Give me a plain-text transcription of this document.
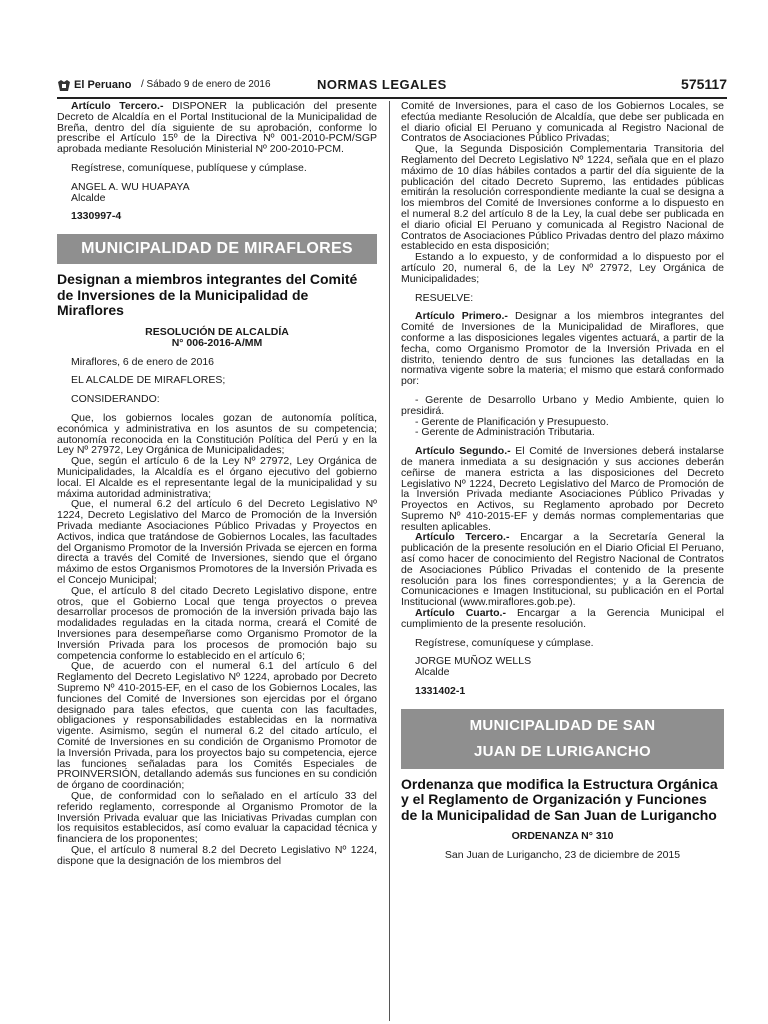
El Peruano / Sábado 9 de enero de 2016	NORMAS LEGALES	575117

Artículo Tercero.- DISPONER la publicación del presente Decreto de Alcaldía en el Portal Institucional de la Municipalidad de Breña, dentro del día siguiente de su aprobación, conforme lo prescribe el Artículo 15º de la Directiva Nº 001-2010-PCM/SGP aprobada mediante Resolución Ministerial Nº 200-2010-PCM.

Regístrese, comuníquese, publíquese y cúmplase.

ANGEL A. WU HUAPAYA

Alcalde

1330997-4

MUNICIPALIDAD DE MIRAFLORES
Designan a miembros integrantes del Comité de Inversiones de la Municipalidad de Miraflores
RESOLUCIÓN DE ALCALDÍA
N° 006-2016-A/MM

Miraflores, 6 de enero de 2016

EL ALCALDE DE MIRAFLORES;

CONSIDERANDO:

Que, los gobiernos locales gozan de autonomía política, económica y administrativa en los asuntos de su competencia; autonomía reconocida en la Constitución Política del Perú y en la Ley Nº 27972, Ley Orgánica de Municipalidades;

Que, según el artículo 6 de la Ley Nº 27972, Ley Orgánica de Municipalidades, la Alcaldía es el órgano ejecutivo del gobierno local. El Alcalde es el representante legal de la municipalidad y su máxima autoridad administrativa;

Que, el numeral 6.2 del artículo 6 del Decreto Legislativo Nº 1224, Decreto Legislativo del Marco de Promoción de la Inversión Privada mediante Asociaciones Público Privadas y Proyectos en Activos, indica que tratándose de Gobiernos Locales, las facultades del Organismo Promotor de la Inversión Privada se ejercen en forma directa a través del Comité de Inversiones, siendo que el órgano máximo de estos Organismos Promotores de la Inversión Privada es el Concejo Municipal;

Que, el artículo 8 del citado Decreto Legislativo dispone, entre otros, que el Gobierno Local que tenga proyectos o prevea desarrollar procesos de promoción de la inversión privada bajo las modalidades reguladas en la citada norma, creará el Comité de Inversiones para desempeñarse como Organismo Promotor de la Inversión Privada para los procesos de promoción bajo su competencia conforme lo establecido en el artículo 6;

Que, de acuerdo con el numeral 6.1 del artículo 6 del Reglamento del Decreto Legislativo Nº 1224, aprobado por Decreto Supremo Nº 410-2015-EF, en el caso de los Gobiernos Locales, las funciones del Comité de Inversiones son ejercidas por el órgano designado para tales efectos, que cuenta con las facultades, obligaciones y responsabilidades establecidas en la normativa vigente. Asimismo, según el numeral 6.2 del citado artículo, el Comité de Inversiones en su condición de Organismo Promotor de la Inversión Privada, para los proyectos bajo su competencia, ejerce las funciones señaladas para los Comités Especiales de PROINVERSIÓN, detallando además sus funciones en su condición de órgano de coordinación;

Que, de conformidad con lo señalado en el artículo 33 del referido reglamento, corresponde al Organismo Promotor de la Inversión Privada evaluar que las Iniciativas Privadas cumplan con los requisitos establecidos, así como evaluar la capacidad técnica y financiera de los proponentes;

Que, el artículo 8 numeral 8.2 del Decreto Legislativo Nº 1224, dispone que la designación de los miembros del

Comité de Inversiones, para el caso de los Gobiernos Locales, se efectúa mediante Resolución de Alcaldía, que debe ser publicada en el diario oficial El Peruano y comunicada al Registro Nacional de Contratos de Asociaciones Público Privadas;

Que, la Segunda Disposición Complementaria Transitoria del Reglamento del Decreto Legislativo Nº 1224, señala que en el plazo máximo de 10 días hábiles contados a partir del día siguiente de la publicación del citado Decreto Supremo, las entidades públicas emitirán la resolución correspondiente mediante la cual se designa a los miembros del Comité de Inversiones conforme a lo dispuesto en el numeral 8.2 del artículo 8 de la Ley, la cual debe ser publicada en el diario oficial El Peruano y comunicada al Registro Nacional de Contratos de Asociaciones Público Privadas dentro del plazo máximo establecido en esta disposición;

Estando a lo expuesto, y de conformidad a lo dispuesto por el artículo 20, numeral 6, de la Ley Nº 27972, Ley Orgánica de Municipalidades;

RESUELVE:

Artículo Primero.- Designar a los miembros integrantes del Comité de Inversiones de la Municipalidad de Miraflores, que conforme a las disposiciones legales vigentes actuará, a partir de la fecha, como Organismo Promotor de la Inversión Privada en el distrito, teniendo dentro de sus funciones las detalladas en la normativa vigente sobre la materia; el mismo que estará conformado por:

- Gerente de Desarrollo Urbano y Medio Ambiente, quien lo presidirá.

- Gerente de Planificación y Presupuesto.

- Gerente de Administración Tributaria.

Artículo Segundo.- El Comité de Inversiones deberá instalarse de manera inmediata a su designación y sus acciones deberán ceñirse de manera estricta a las disposiciones del Decreto Legislativo Nº 1224, Decreto Legislativo del Marco de Promoción de la Inversión Privada mediante Asociaciones Público Privadas y Proyectos en Activos, su Reglamento aprobado por Decreto Supremo Nº 410-2015-EF y demás normas complementarias que resulten aplicables.

Artículo Tercero.- Encargar a la Secretaría General la publicación de la presente resolución en el Diario Oficial El Peruano, así como hacer de conocimiento del Registro Nacional de Contratos de Asociaciones Público Privadas el contenido de la presente resolución para los fines correspondientes; y a la Gerencia de Comunicaciones e Imagen Institucional, su publicación en el Portal Institucional (www.miraflores.gob.pe).

Artículo Cuarto.- Encargar a la Gerencia Municipal el cumplimiento de la presente resolución.

Regístrese, comuníquese y cúmplase.

JORGE MUÑOZ WELLS

Alcalde

1331402-1

MUNICIPALIDAD DE SAN
JUAN DE LURIGANCHO
Ordenanza que modifica la Estructura Orgánica y el Reglamento de Organización y Funciones de la Municipalidad de San Juan de Lurigancho
ORDENANZA N° 310
San Juan de Lurigancho, 23 de diciembre de 2015
